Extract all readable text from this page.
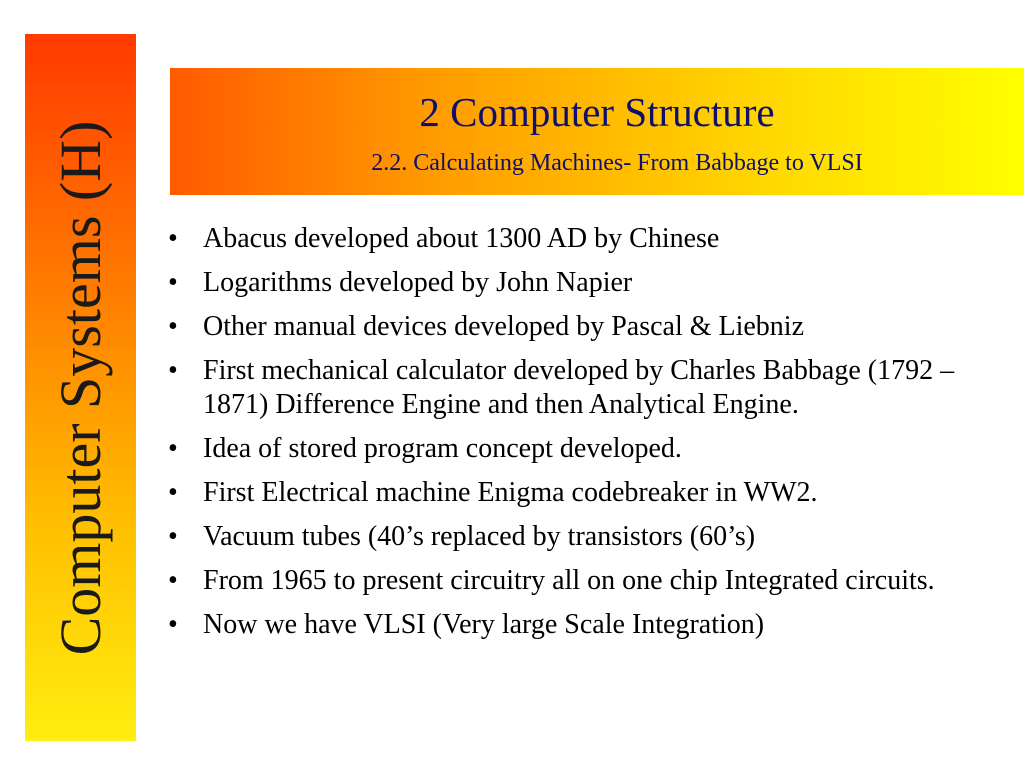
Computer Systems (H)
2 Computer Structure
2.2. Calculating Machines- From Babbage to VLSI
• Abacus developed about 1300 AD by Chinese
• Logarithms developed by John Napier
• Other manual devices developed by Pascal & Liebniz
• First mechanical calculator developed by Charles Babbage (1792 – 1871) Difference Engine and then Analytical Engine.
• Idea of stored program concept developed.
• First Electrical machine Enigma codebreaker in WW2.
• Vacuum tubes (40’s replaced by transistors (60’s)
• From 1965 to present circuitry all on one chip Integrated circuits.
• Now we have VLSI (Very large Scale Integration)
